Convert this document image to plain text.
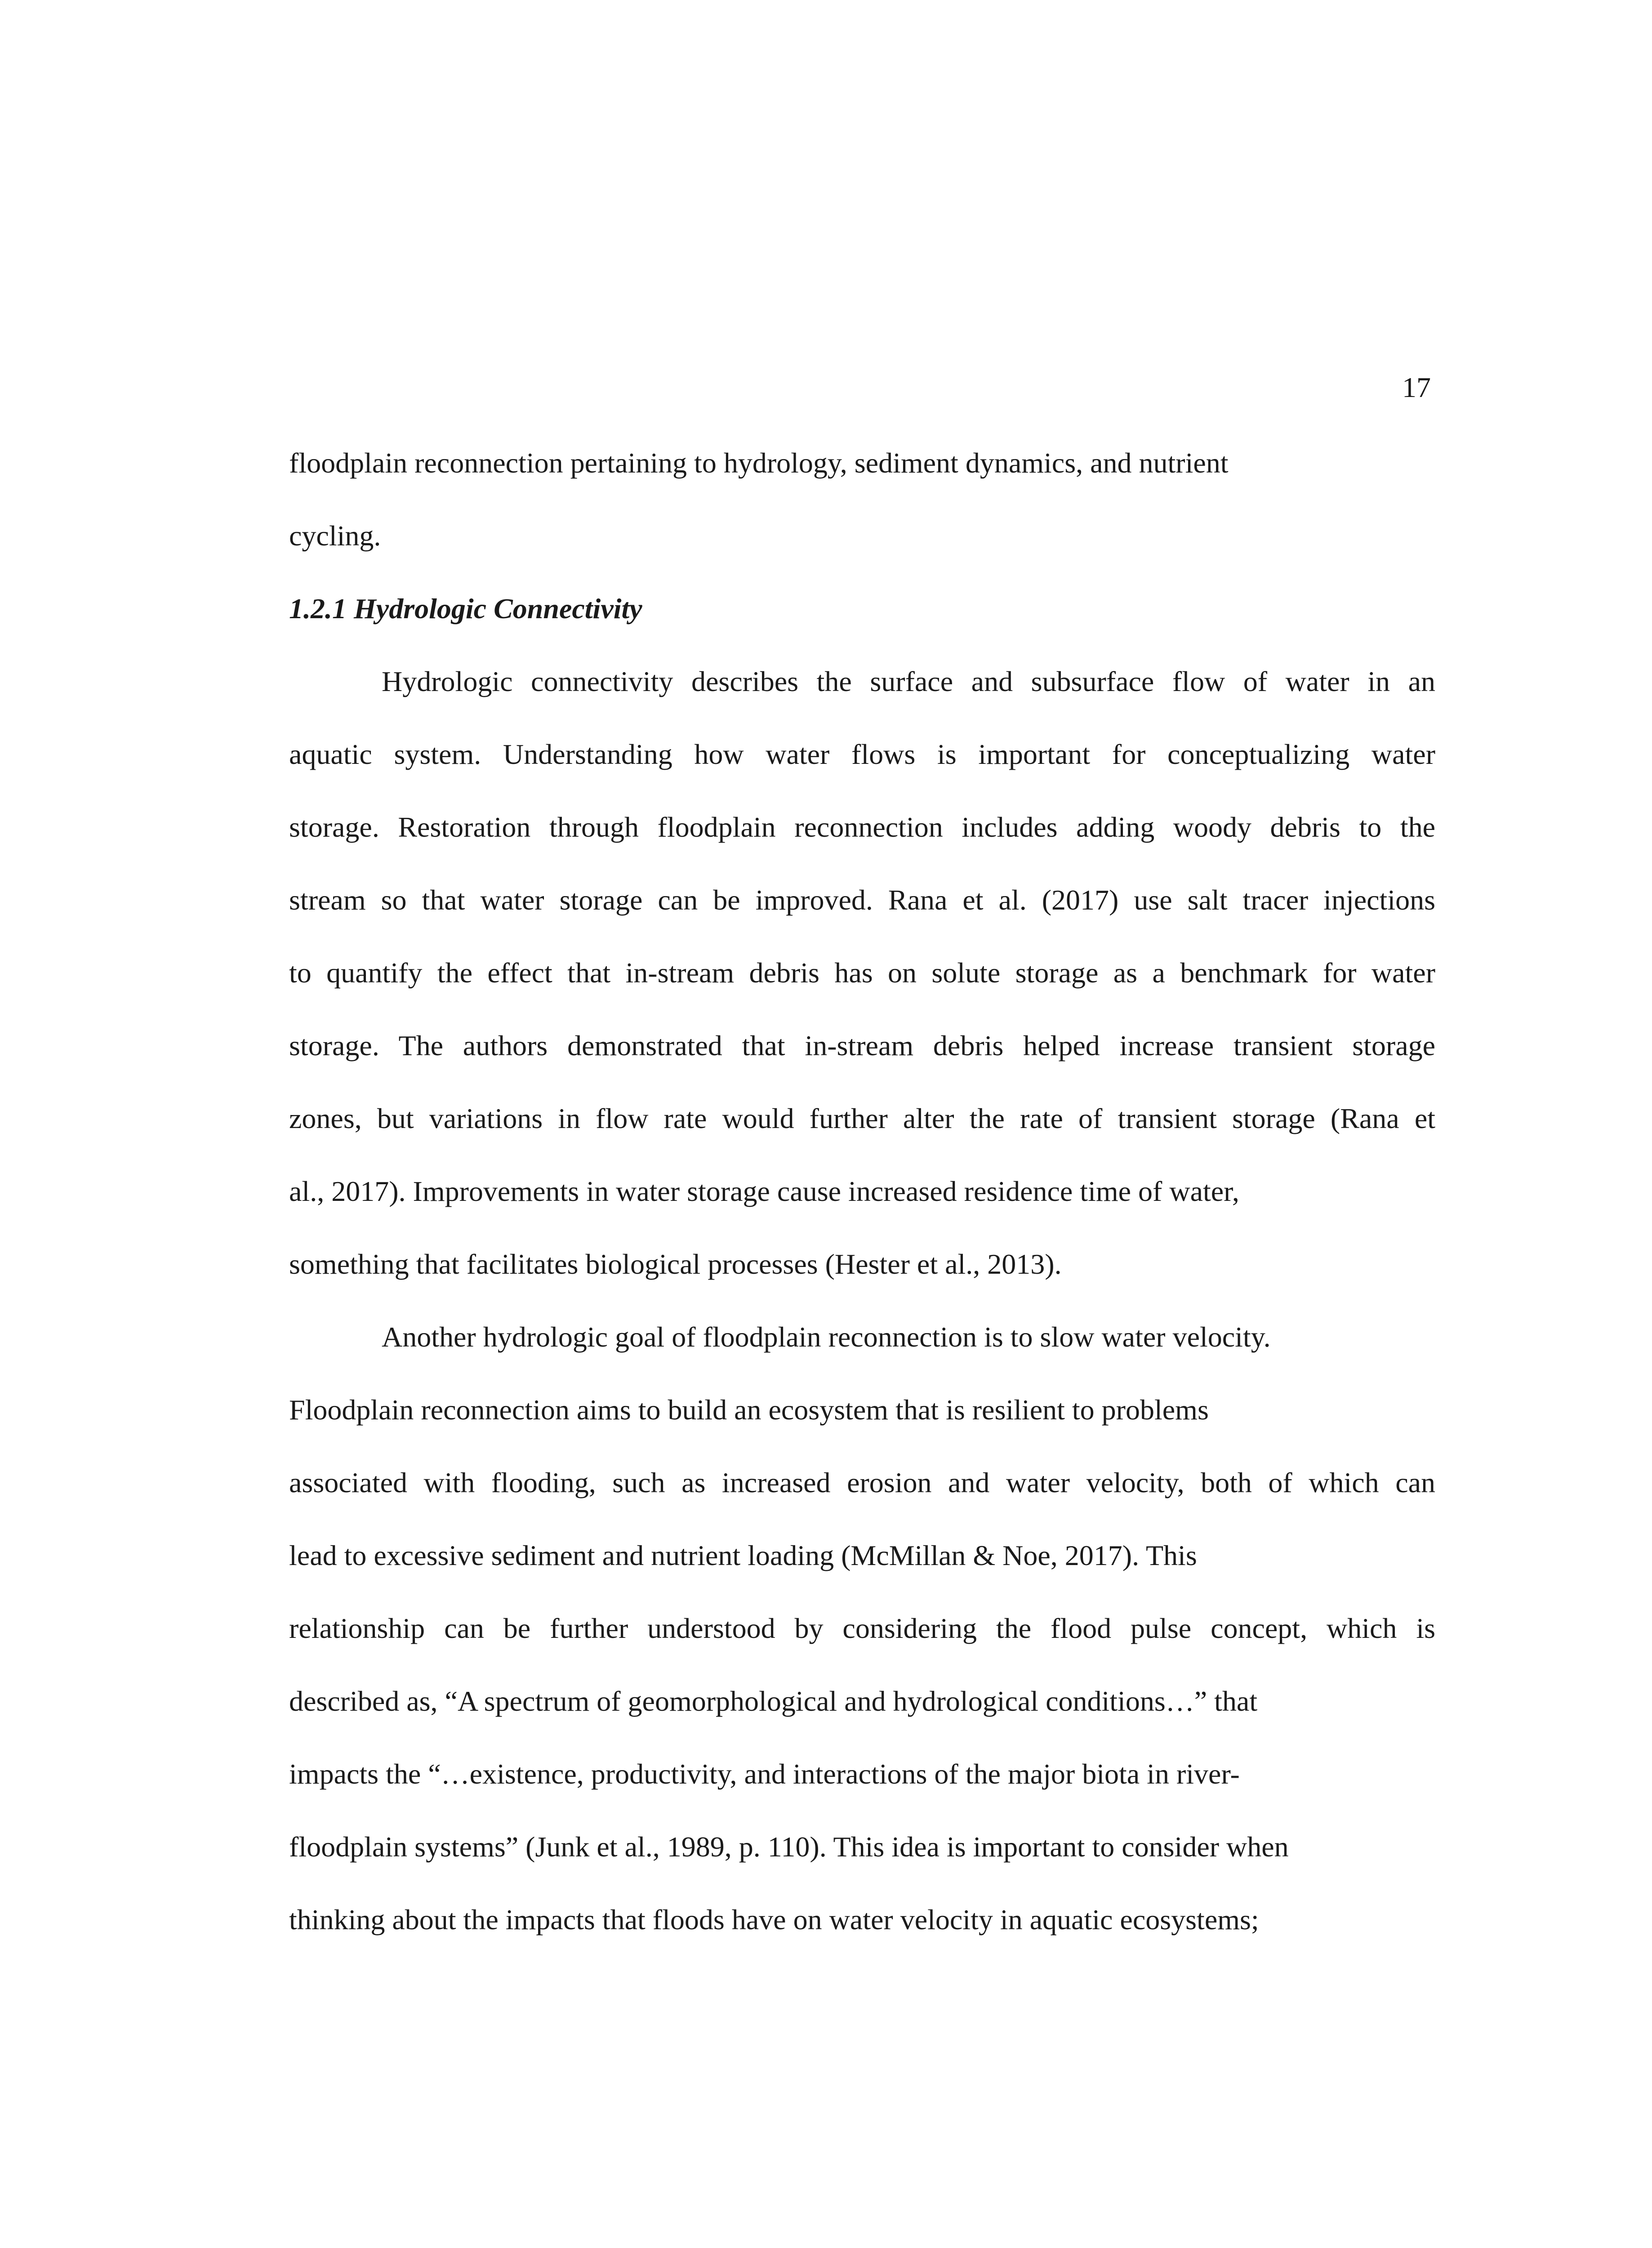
17
floodplain reconnection pertaining to hydrology, sediment dynamics, and nutrient
cycling.
1.2.1 Hydrologic Connectivity
Hydrologic connectivity describes the surface and subsurface flow of water in an
aquatic system. Understanding how water flows is important for conceptualizing water
storage. Restoration through floodplain reconnection includes adding woody debris to the
stream so that water storage can be improved. Rana et al. (2017) use salt tracer injections
to quantify the effect that in-stream debris has on solute storage as a benchmark for water
storage. The authors demonstrated that in-stream debris helped increase transient storage
zones, but variations in flow rate would further alter the rate of transient storage (Rana et
al., 2017). Improvements in water storage cause increased residence time of water,
something that facilitates biological processes (Hester et al., 2013).
Another hydrologic goal of floodplain reconnection is to slow water velocity.
Floodplain reconnection aims to build an ecosystem that is resilient to problems
associated with flooding, such as increased erosion and water velocity, both of which can
lead to excessive sediment and nutrient loading (McMillan & Noe, 2017). This
relationship can be further understood by considering the flood pulse concept, which is
described as, “A spectrum of geomorphological and hydrological conditions…” that
impacts the “…existence, productivity, and interactions of the major biota in river-
floodplain systems” (Junk et al., 1989, p. 110). This idea is important to consider when
thinking about the impacts that floods have on water velocity in aquatic ecosystems;
